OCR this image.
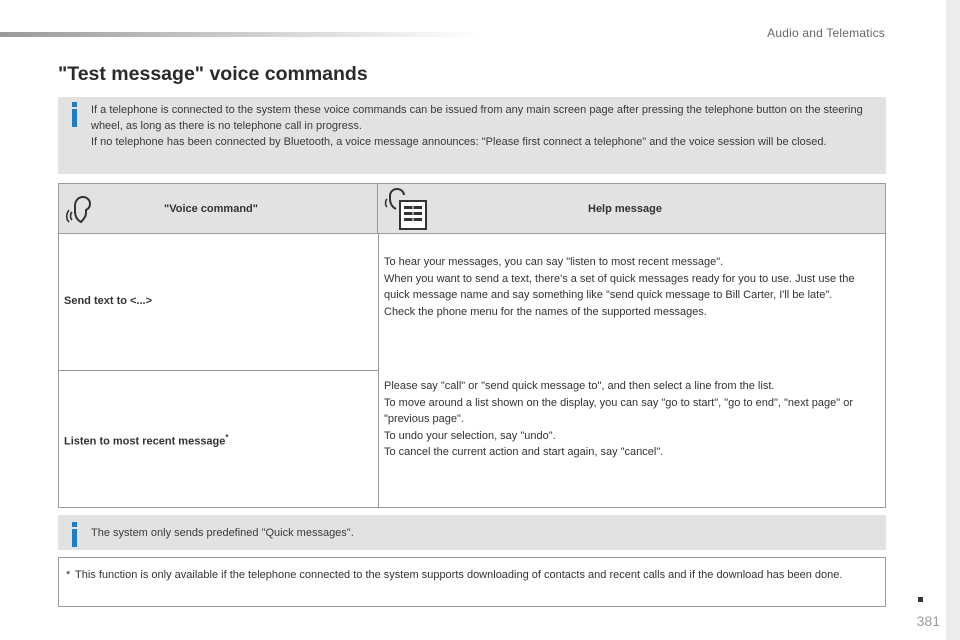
Audio and Telematics
"Test message" voice commands

If a telephone is connected to the system these voice commands can be issued from any main screen page after pressing the telephone button on the steering wheel, as long as there is no telephone call in progress.

If no telephone has been connected by Bluetooth, a voice message announces: "Please first connect a telephone" and the voice session will be closed.

"Voice command"	Help message
Send text to <...>
Listen to most recent message*

To hear your messages, you can say "listen to most recent message".

When you want to send a text, there's a set of quick messages ready for you to use. Just use the quick message name and say something like "send quick message to Bill Carter, I'll be late".

Check the phone menu for the names of the supported messages.

Please say "call" or "send quick message to", and then select a line from the list.

To move around a list shown on the display, you can say "go to start", "go to end", "next page" or "previous page".

To undo your selection, say "undo".

To cancel the current action and start again, say "cancel".

The system only sends predefined "Quick messages".
* This function is only available if the telephone connected to the system supports downloading of contacts and recent calls and if the download has been done.
381
